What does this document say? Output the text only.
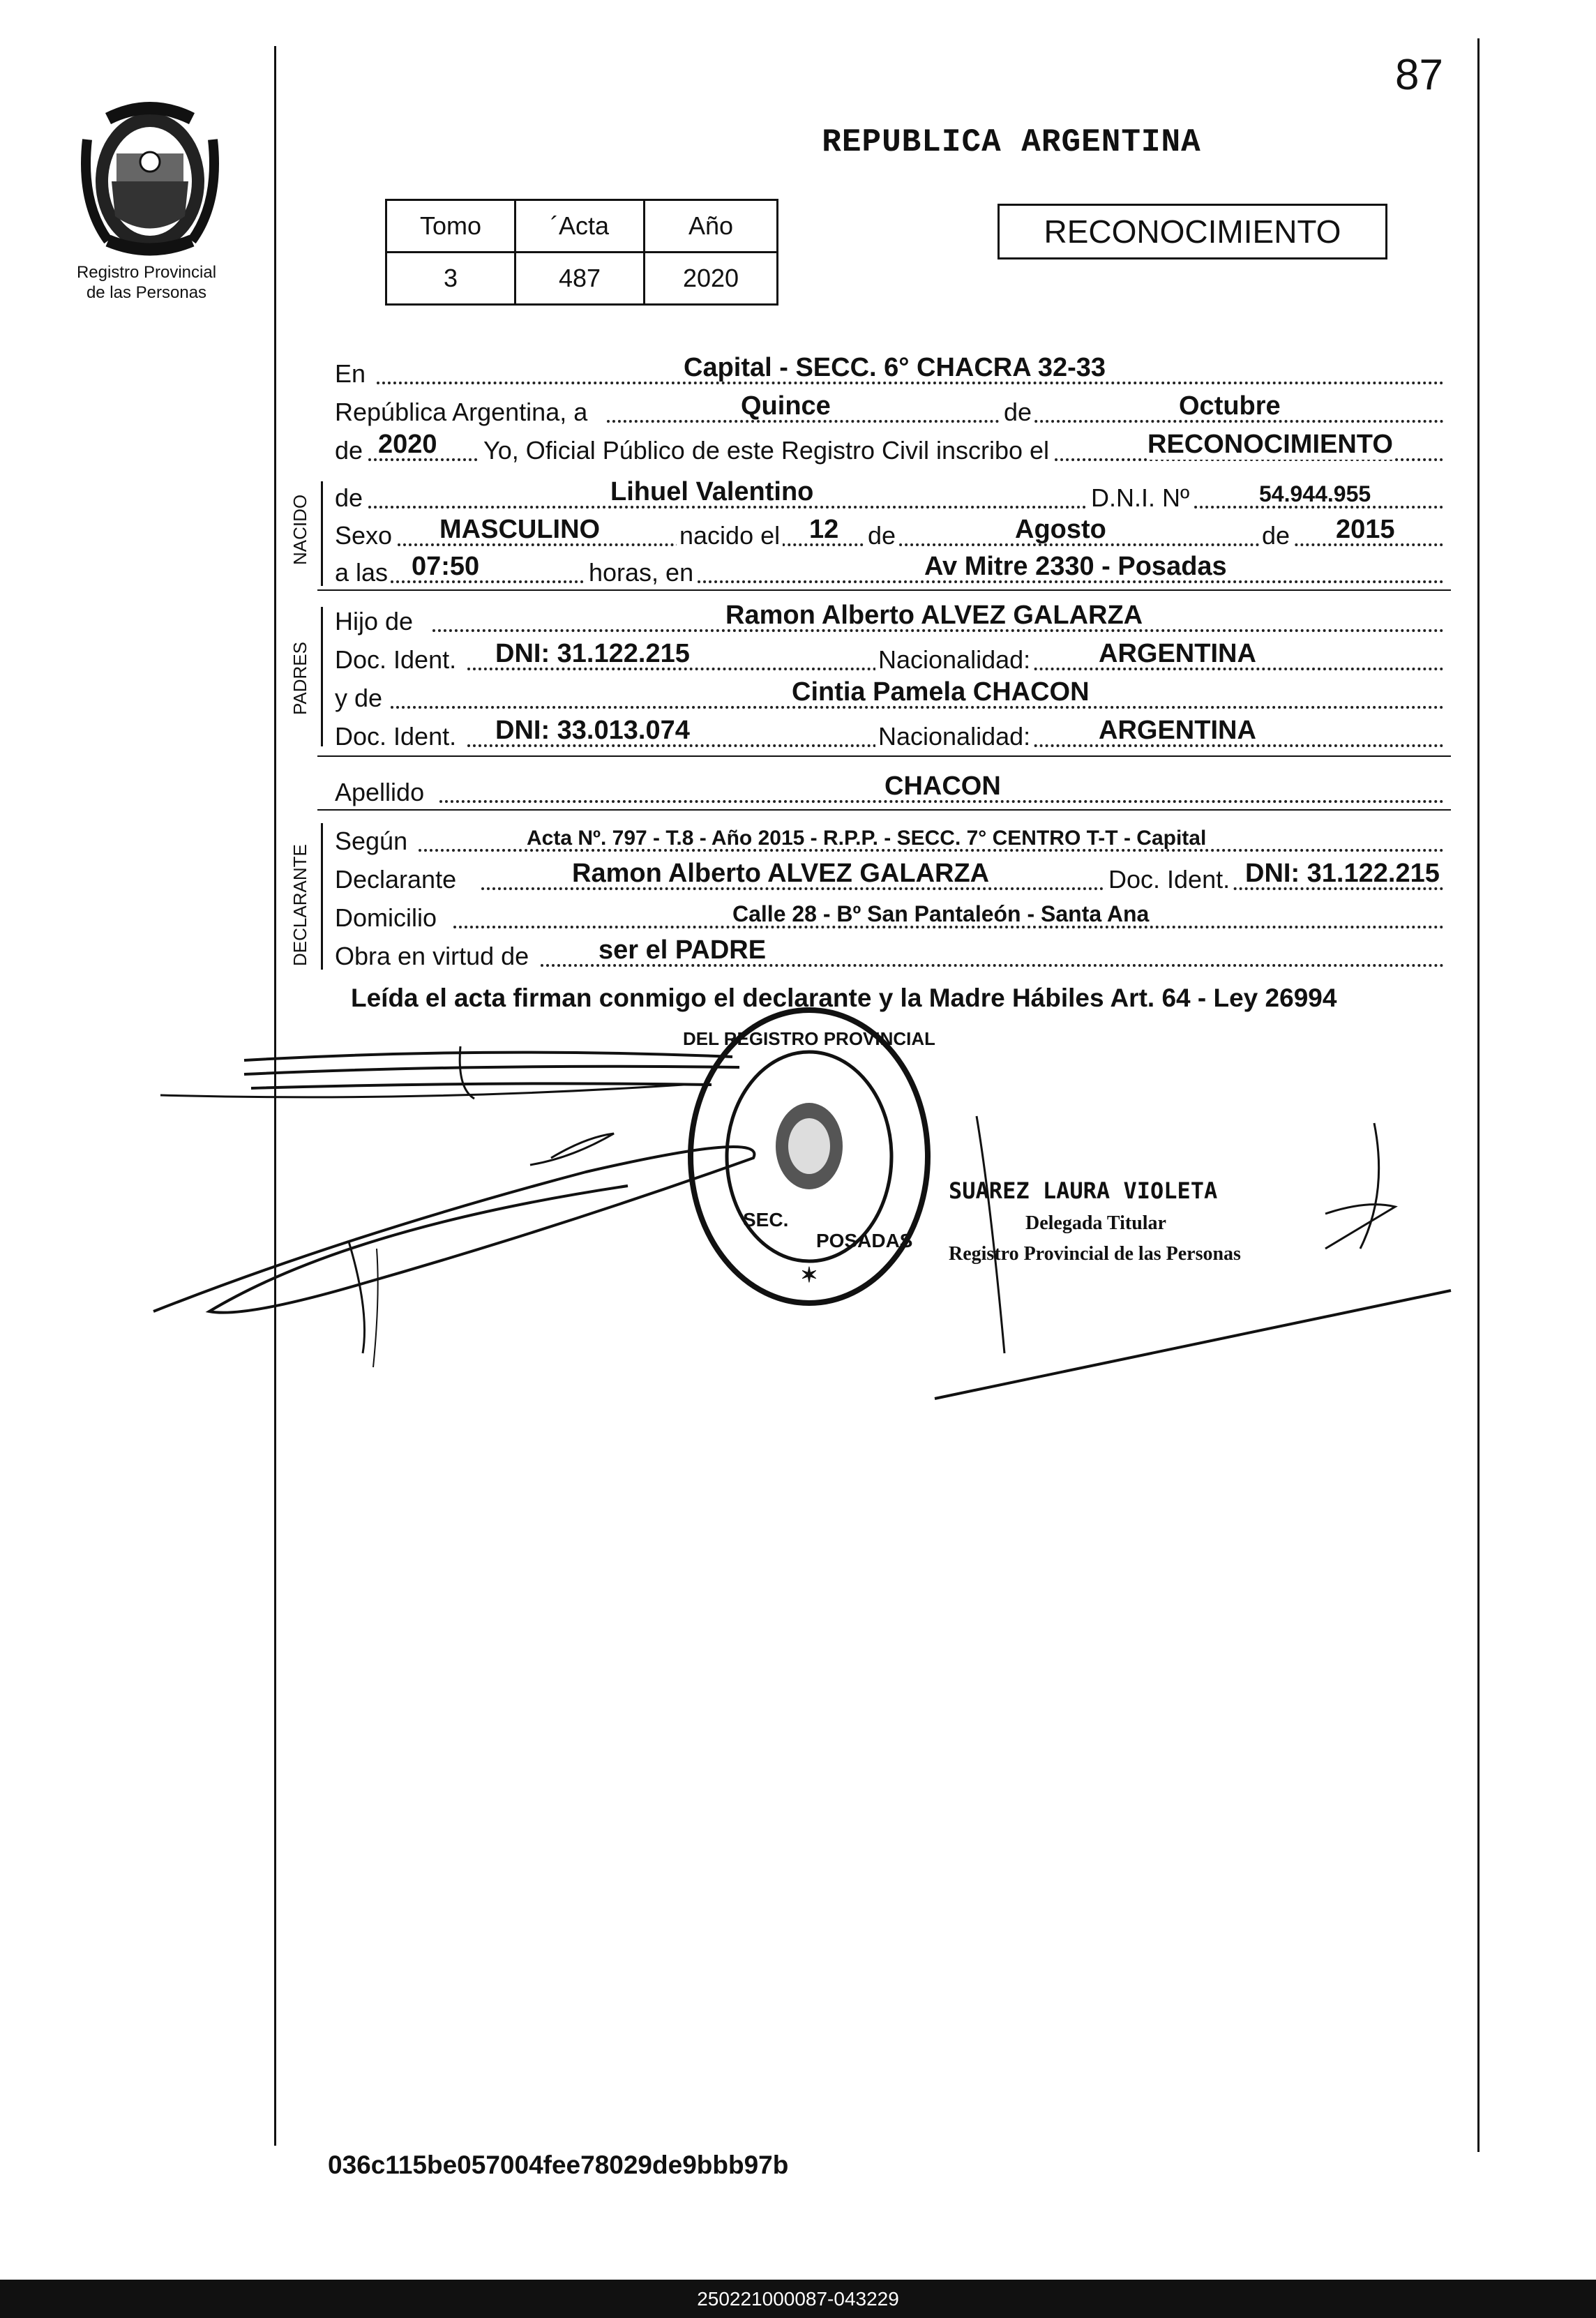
87
Registro Provincial
de las Personas
REPUBLICA ARGENTINA
Tomo	´Acta	Año
3	487	2020
RECONOCIMIENTO
En	Capital - SECC. 6° CHACRA 32-33
República Argentina, a	Quince	de	Octubre
de 2020 Yo, Oficial Público de este Registro Civil inscribo el	RECONOCIMIENTO
NACIDO de	Lihuel Valentino	D.N.I. Nº	54.944.955
Sexo MASCULINO	nacido el 12 de	Agosto	de 2015
a las 07:50	horas, en	Av Mitre 2330 - Posadas
PADRES
Hijo de	Ramon Alberto ALVEZ GALARZA
Doc. Ident. DNI: 31.122.215	Nacionalidad:	ARGENTINA
y de	Cintia Pamela CHACON
Doc. Ident. DNI: 33.013.074	Nacionalidad:	ARGENTINA
Apellido	CHACON
DECLARANTE
Según	Acta Nº. 797 - T.8 - Año 2015 - R.P.P. - SECC. 7° CENTRO T-T - Capital
Declarante	Ramon Alberto ALVEZ GALARZA	Doc. Ident. DNI: 31.122.215
Domicilio	Calle 28 - Bº San Pantaleón - Santa Ana
Obra en virtud de	ser el PADRE
Leída el acta firman conmigo el declarante y la Madre Hábiles Art. 64 - Ley 26994
DEL REGISTRO PROVINCIAL
SEC.
POSADAS
✶
SUAREZ LAURA VIOLETA
Delegada Titular
Registro Provincial de las Personas
036c115be057004fee78029de9bbb97b
250221000087-043229
